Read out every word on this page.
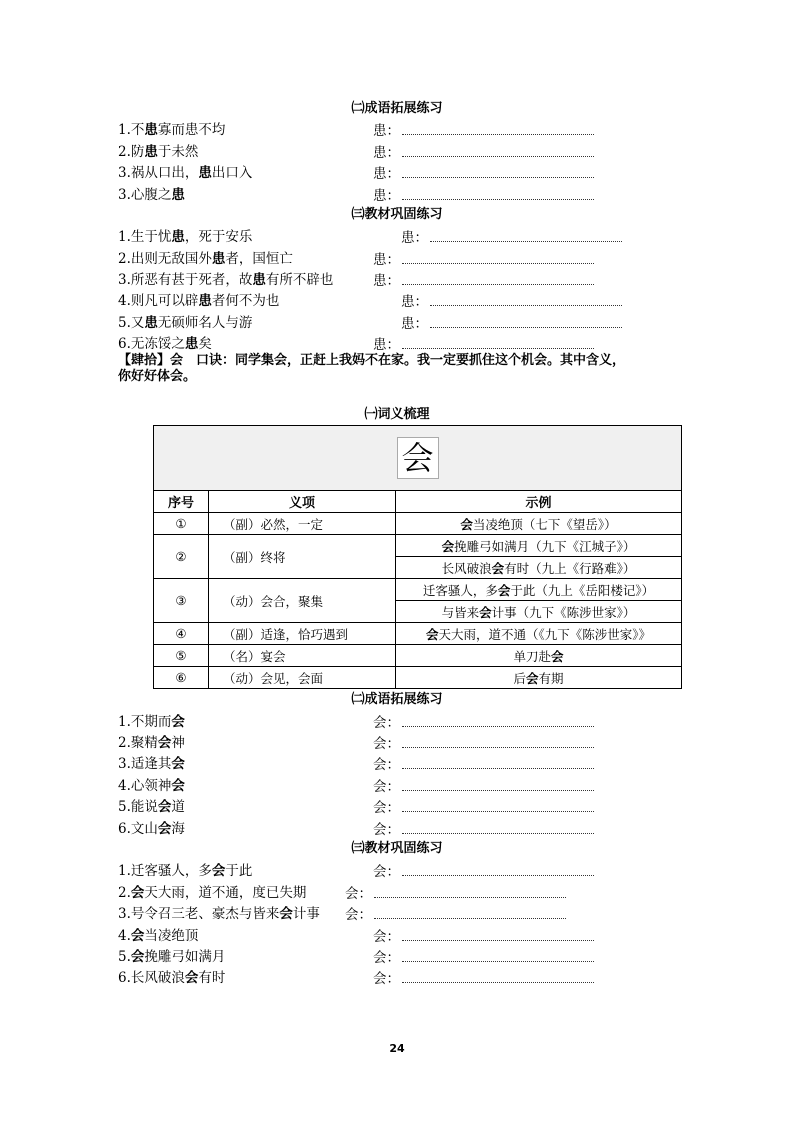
㈡成语拓展练习
1.不患寡而患不均	患：
2.防患于未然	患：
3.祸从口出，患出口入	患：
3.心腹之患	患：
㈢教材巩固练习
1.生于忧患，死于安乐	患：
2.出则无敌国外患者，国恒亡	患：
3.所恶有甚于死者，故患有所不辟也	患：
4.则凡可以辟患者何不为也	患：
5.又患无硕师名人与游	患：
6.无冻馁之患矣	患：
【肆拾】会　口诀：同学集会，正赶上我妈不在家。我一定要抓住这个机会。其中含义，
你好好体会。
㈠词义梳理
会		
序号	义项	示例
①	（副）必然，一定	会当凌绝顶（七下《望岳》）
②	（副）终将	会挽雕弓如满月（九下《江城子》）
		长风破浪会有时（九上《行路难》）
③	（动）会合，聚集	迁客骚人，多会于此（九上《岳阳楼记》）
		与皆来会计事（九下《陈涉世家》）
④	（副）适逢，恰巧遇到	会天大雨，道不通（《九下《陈涉世家》》
⑤	（名）宴会	单刀赴会
⑥	（动）会见，会面	后会有期
㈡成语拓展练习
1.不期而会	会：
2.聚精会神	会：
3.适逢其会	会：
4.心领神会	会：
5.能说会道	会：
6.文山会海	会：
㈢教材巩固练习
1.迁客骚人，多会于此	会：
2.会天大雨，道不通，度已失期	会：
3.号令召三老、豪杰与皆来会计事 会：
4.会当凌绝顶	会：
5.会挽雕弓如满月	会：
6.长风破浪会有时	会：
24
